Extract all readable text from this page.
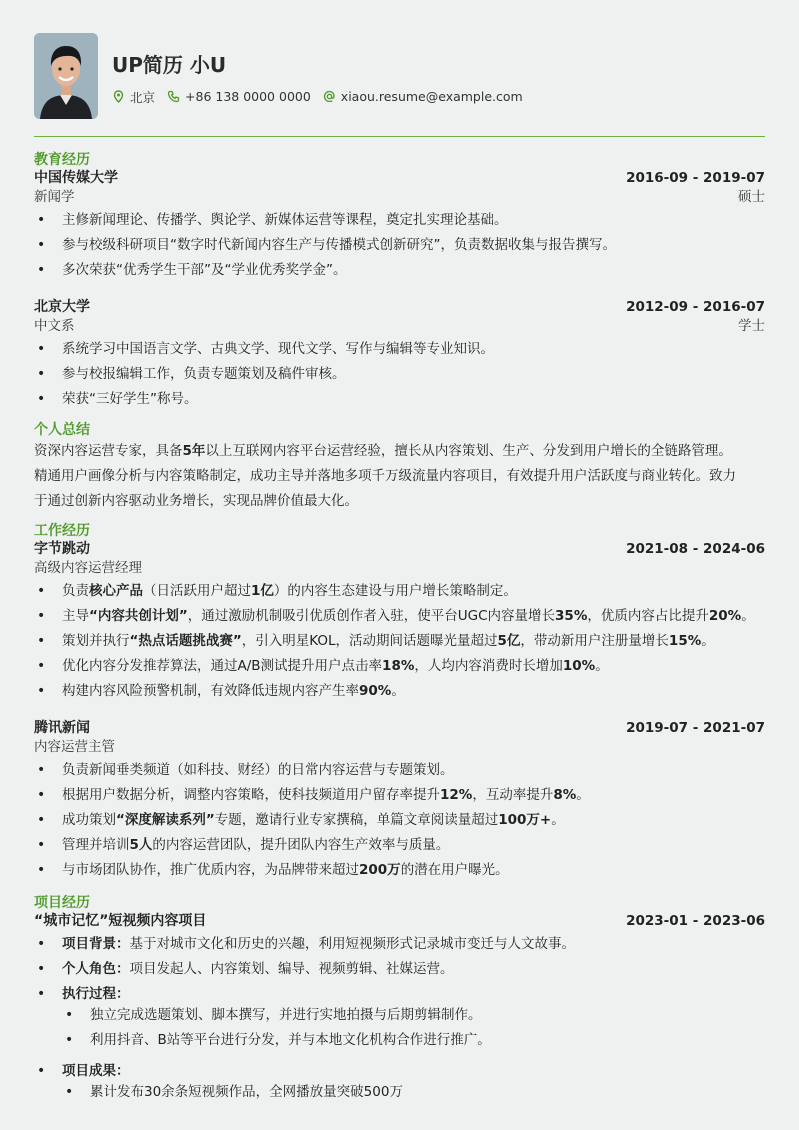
UP简历 小U
北京 +86 138 0000 0000 xiaou.resume@example.com
教育经历
中国传媒大学	2016-09 - 2019-07
新闻学	硕士
• 主修新闻理论、传播学、舆论学、新媒体运营等课程，奠定扎实理论基础。
• 参与校级科研项目“数字时代新闻内容生产与传播模式创新研究”，负责数据收集与报告撰写。
• 多次荣获“优秀学生干部”及“学业优秀奖学金”。
北京大学	2012-09 - 2016-07
中文系	学士
• 系统学习中国语言文学、古典文学、现代文学、写作与编辑等专业知识。
• 参与校报编辑工作，负责专题策划及稿件审核。
• 荣获“三好学生”称号。
个人总结
资深内容运营专家，具备5年以上互联网内容平台运营经验，擅长从内容策划、生产、分发到用户增长的全链路管理。
精通用户画像分析与内容策略制定，成功主导并落地多项千万级流量内容项目，有效提升用户活跃度与商业转化。致力
于通过创新内容驱动业务增长，实现品牌价值最大化。
工作经历
字节跳动	2021-08 - 2024-06
高级内容运营经理
• 负责核心产品（日活跃用户超过1亿）的内容生态建设与用户增长策略制定。
• 主导“内容共创计划”，通过激励机制吸引优质创作者入驻，使平台UGC内容量增长35%，优质内容占比提升20%。
• 策划并执行“热点话题挑战赛”，引入明星KOL，活动期间话题曝光量超过5亿，带动新用户注册量增长15%。
• 优化内容分发推荐算法，通过A/B测试提升用户点击率18%，人均内容消费时长增加10%。
• 构建内容风险预警机制，有效降低违规内容产生率90%。
腾讯新闻	2019-07 - 2021-07
内容运营主管
• 负责新闻垂类频道（如科技、财经）的日常内容运营与专题策划。
• 根据用户数据分析，调整内容策略，使科技频道用户留存率提升12%，互动率提升8%。
• 成功策划“深度解读系列”专题，邀请行业专家撰稿，单篇文章阅读量超过100万+。
• 管理并培训5人的内容运营团队，提升团队内容生产效率与质量。
• 与市场团队协作，推广优质内容，为品牌带来超过200万的潜在用户曝光。
项目经历
“城市记忆”短视频内容项目	2023-01 - 2023-06
• 项目背景：基于对城市文化和历史的兴趣，利用短视频形式记录城市变迁与人文故事。
• 个人角色：项目发起人、内容策划、编导、视频剪辑、社媒运营。
• 执行过程：
• 独立完成选题策划、脚本撰写，并进行实地拍摄与后期剪辑制作。
• 利用抖音、B站等平台进行分发，并与本地文化机构合作进行推广。
• 项目成果：
• 累计发布30余条短视频作品，全网播放量突破500万
